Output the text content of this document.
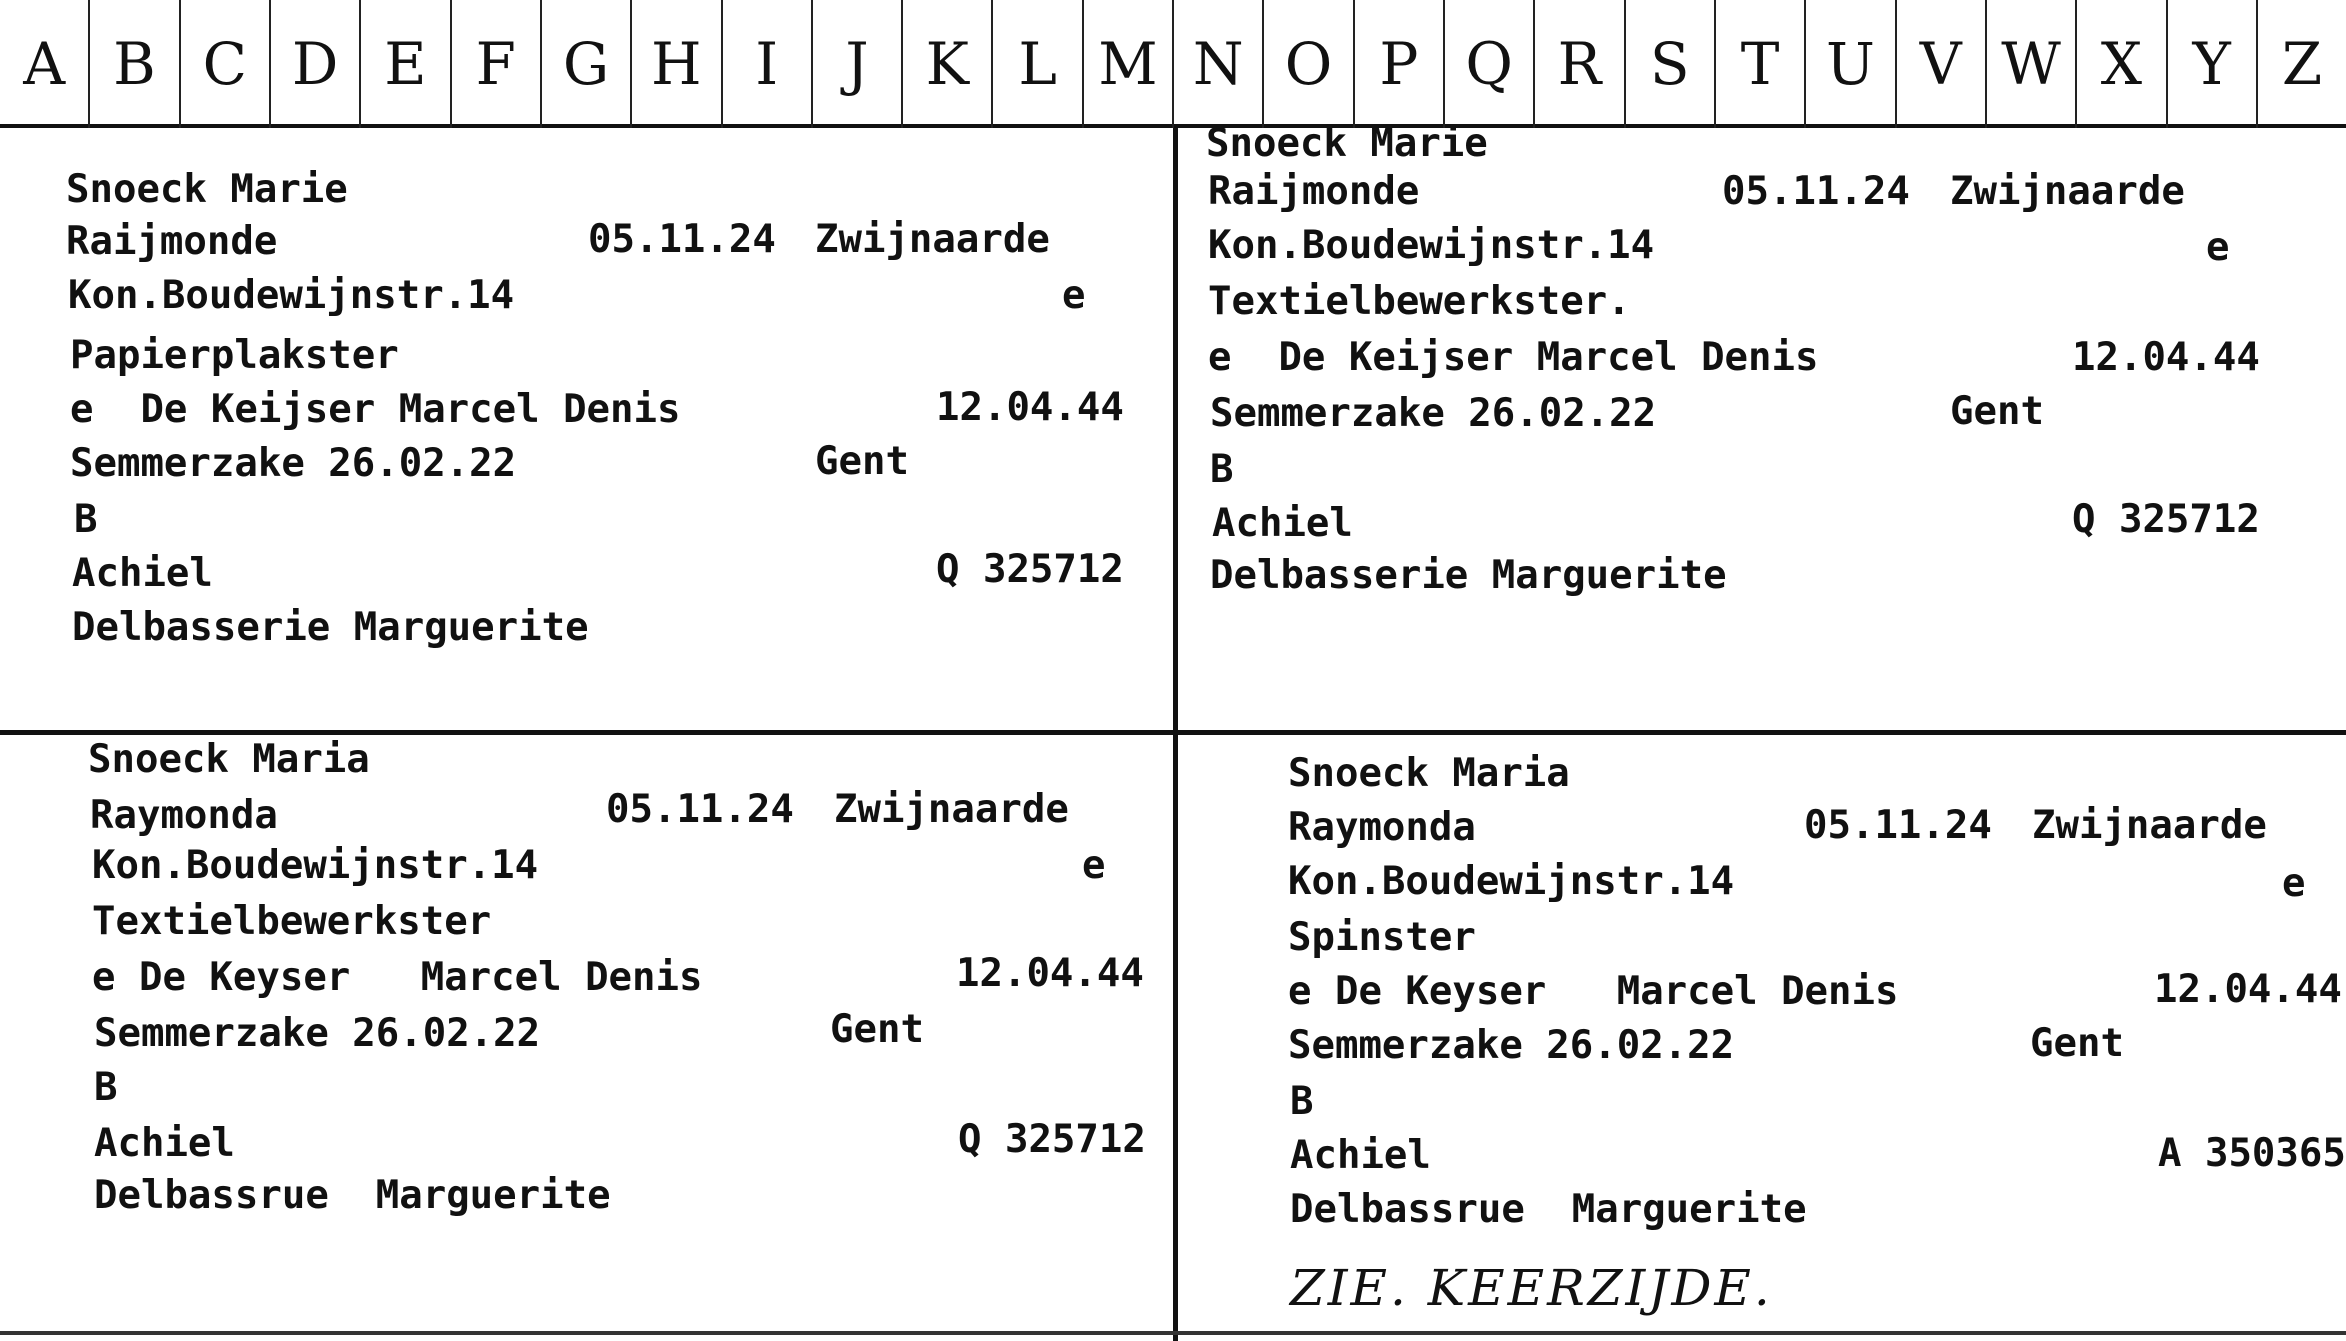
A B C D E F G H I	J K L M N O P Q R S T U V W X Y Z
Snoeck Marie
Raijmonde	05.11.24 Zwijnaarde
Kon.Boudewijnstr.14	e
Papierplakster
e  De Keijser Marcel Denis	12.04.44
Semmerzake 26.02.22	Gent
B
Achiel	Q 325712
Delbasserie Marguerite
Snoeck Marie
Raijmonde	05.11.24 Zwijnaarde
Kon.Boudewijnstr.14	e
Textielbewerkster.
e  De Keijser Marcel Denis	12.04.44
Semmerzake 26.02.22	Gent
B
Achiel	Q 325712
Delbasserie Marguerite
Snoeck Maria
Raymonda	05.11.24 Zwijnaarde
Kon.Boudewijnstr.14	e
Textielbewerkster
e De Keyser   Marcel Denis	12.04.44
Semmerzake 26.02.22	Gent
B
Achiel	Q 325712
Delbassrue  Marguerite
Snoeck Maria
Raymonda	05.11.24 Zwijnaarde
Kon.Boudewijnstr.14	e
Spinster
e De Keyser   Marcel Denis	12.04.44
Semmerzake 26.02.22	Gent
B
Achiel	A 350365
Delbassrue  Marguerite
ZIE. KEERZIJDE.
